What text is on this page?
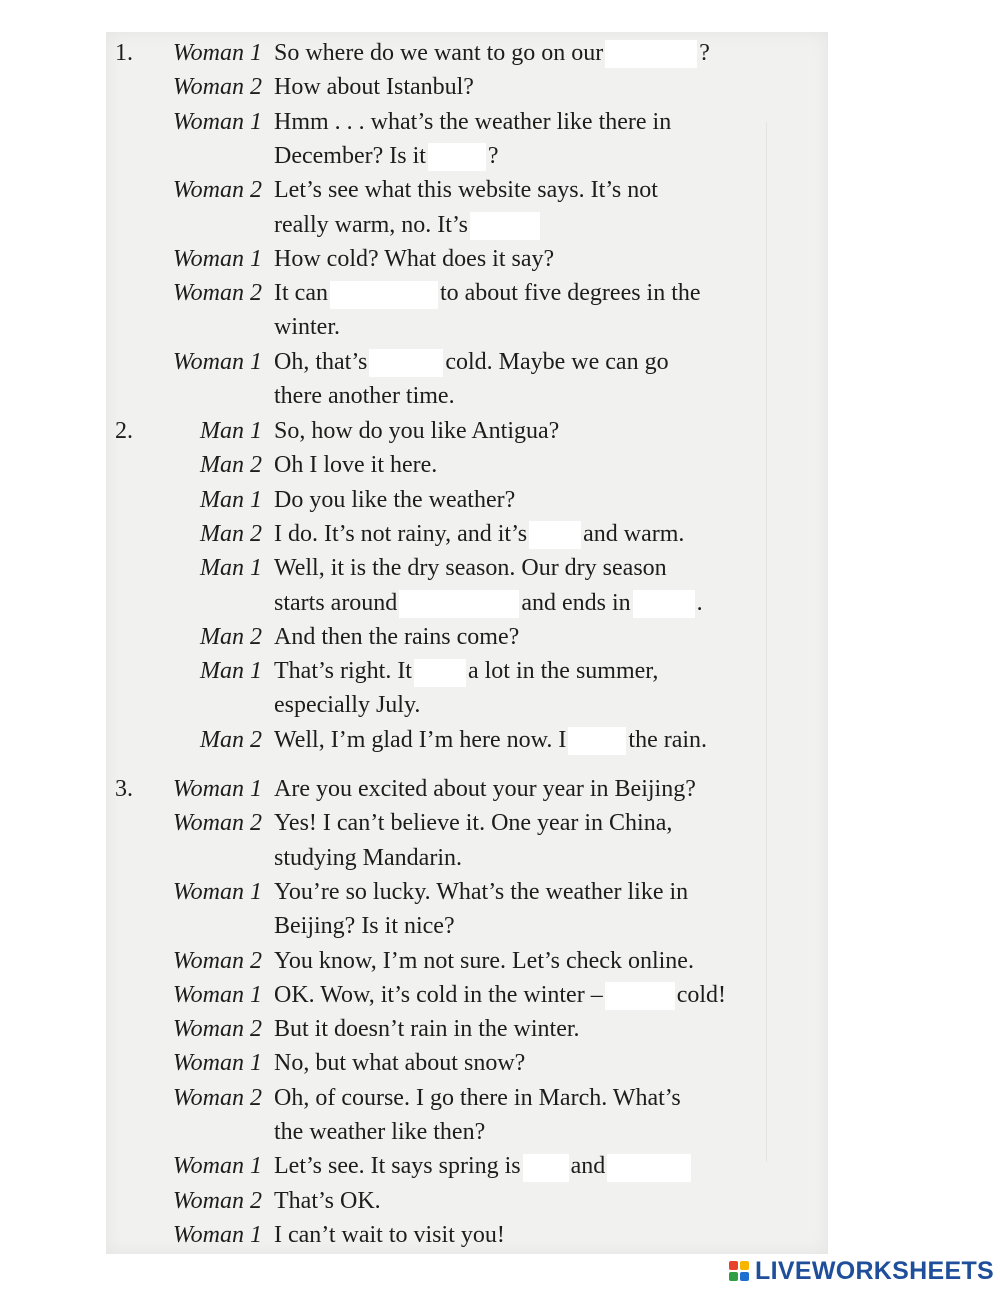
1.	Woman 1 So where do we want to go on our	?
Woman 2 How about Istanbul?
Woman 1 Hmm . . . what’s the weather like there in
December? Is it	?
Woman 2 Let’s see what this website says. It’s not
really warm, no. It’s
Woman 1 How cold? What does it say?
Woman 2 It can	to about five degrees in the
winter.
Woman 1 Oh, that’s	cold. Maybe we can go
there another time.
2.	Man 1 So, how do you like Antigua?
Man 2 Oh I love it here.
Man 1 Do you like the weather?
Man 2 I do. It’s not rainy, and it’s and warm.
Man 1 Well, it is the dry season. Our dry season
starts around	and ends in	.
Man 2 And then the rains come?
Man 1 That’s right. It a lot in the summer,
especially July.
Man 2 Well, I’m glad I’m here now. I	the rain.
3.	Woman 1 Are you excited about your year in Beijing?
Woman 2 Yes! I can’t believe it. One year in China,
studying Mandarin.
Woman 1 You’re so lucky. What’s the weather like in
Beijing? Is it nice?
Woman 2 You know, I’m not sure. Let’s check online.
Woman 1 OK. Wow, it’s cold in the winter –	cold!
Woman 2 But it doesn’t rain in the winter.
Woman 1 No, but what about snow?
Woman 2 Oh, of course. I go there in March. What’s
the weather like then?
Woman 1 Let’s see. It says spring is and
Woman 2 That’s OK.
Woman 1 I can’t wait to visit you!
LIVEWORKSHEETS
